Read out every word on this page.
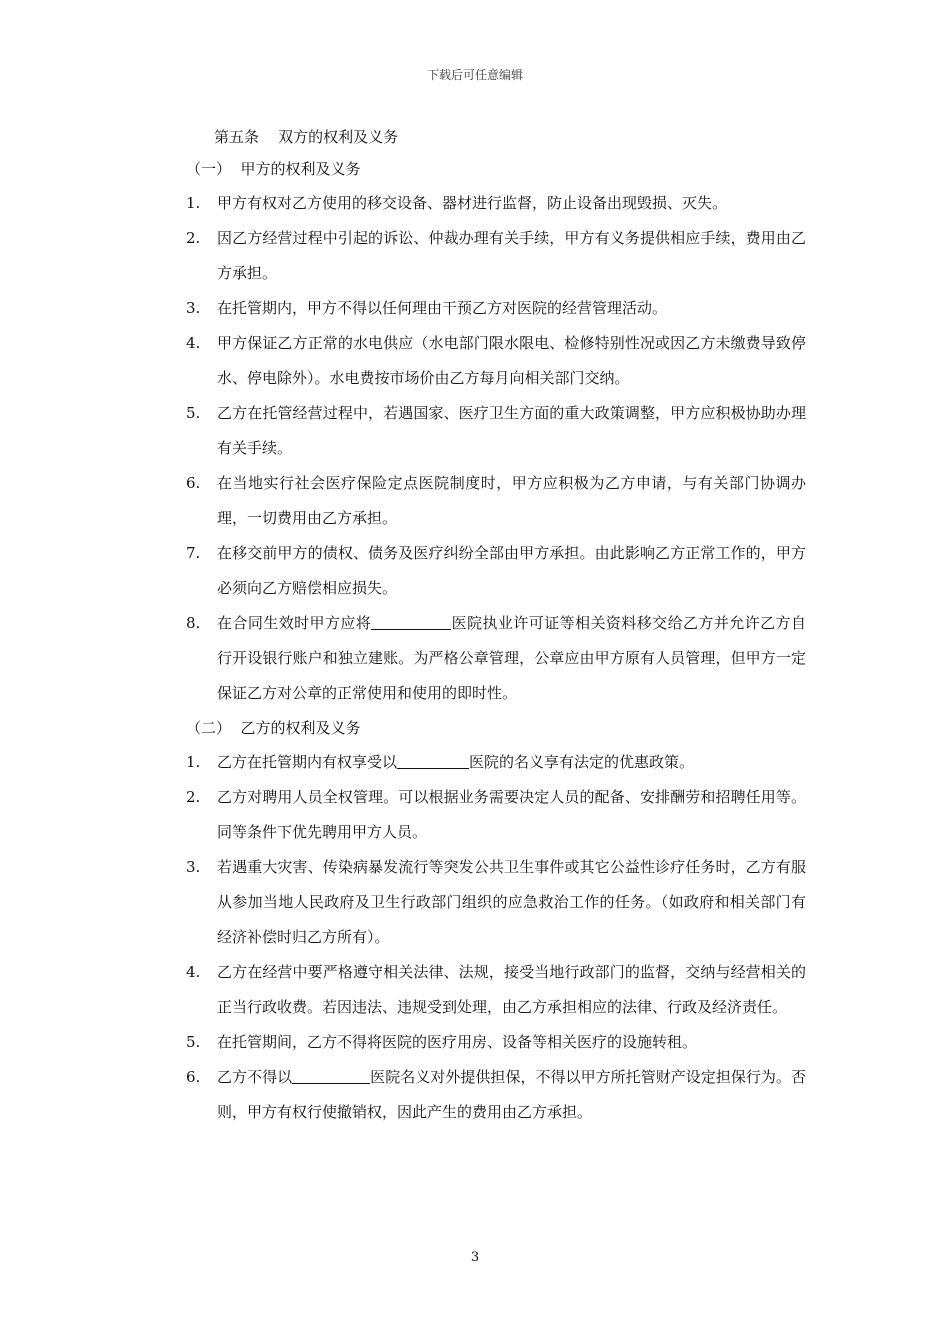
下载后可任意编辑
第五条    双方的权利及义务
（一）  甲方的权利及义务
1.	甲方有权对乙方使用的移交设备、器材进行监督，防止设备出现毁损、灭失。
2.	因乙方经营过程中引起的诉讼、仲裁办理有关手续，甲方有义务提供相应手续，费用由乙方承担。
3.	在托管期内，甲方不得以任何理由干预乙方对医院的经营管理活动。
4.	甲方保证乙方正常的水电供应（水电部门限水限电、检修特别性况或因乙方未缴费导致停水、停电除外）。水电费按市场价由乙方每月向相关部门交纳。
5.	乙方在托管经营过程中，若遇国家、医疗卫生方面的重大政策调整，甲方应积极协助办理有关手续。
6.	在当地实行社会医疗保险定点医院制度时，甲方应积极为乙方申请，与有关部门协调办理，一切费用由乙方承担。
7.	在移交前甲方的债权、债务及医疗纠纷全部由甲方承担。由此影响乙方正常工作的，甲方必须向乙方赔偿相应损失。
8.	在合同生效时甲方应将	医院执业许可证等相关资料移交给乙方并允许乙方自行开设银行账户和独立建账。为严格公章管理，公章应由甲方原有人员管理，但甲方一定保证乙方对公章的正常使用和使用的即时性。
（二）  乙方的权利及义务
1.	乙方在托管期内有权享受以	医院的名义享有法定的优惠政策。
2.	乙方对聘用人员全权管理。可以根据业务需要决定人员的配备、安排酬劳和招聘任用等。同等条件下优先聘用甲方人员。
3.	若遇重大灾害、传染病暴发流行等突发公共卫生事件或其它公益性诊疗任务时，乙方有服从参加当地人民政府及卫生行政部门组织的应急救治工作的任务。（如政府和相关部门有经济补偿时归乙方所有）。
4.	乙方在经营中要严格遵守相关法律、法规，接受当地行政部门的监督，交纳与经营相关的正当行政收费。若因违法、违规受到处理，由乙方承担相应的法律、行政及经济责任。
5.	在托管期间，乙方不得将医院的医疗用房、设备等相关医疗的设施转租。
6.	乙方不得以	医院名义对外提供担保，不得以甲方所托管财产设定担保行为。否则，甲方有权行使撤销权，因此产生的费用由乙方承担。
3
